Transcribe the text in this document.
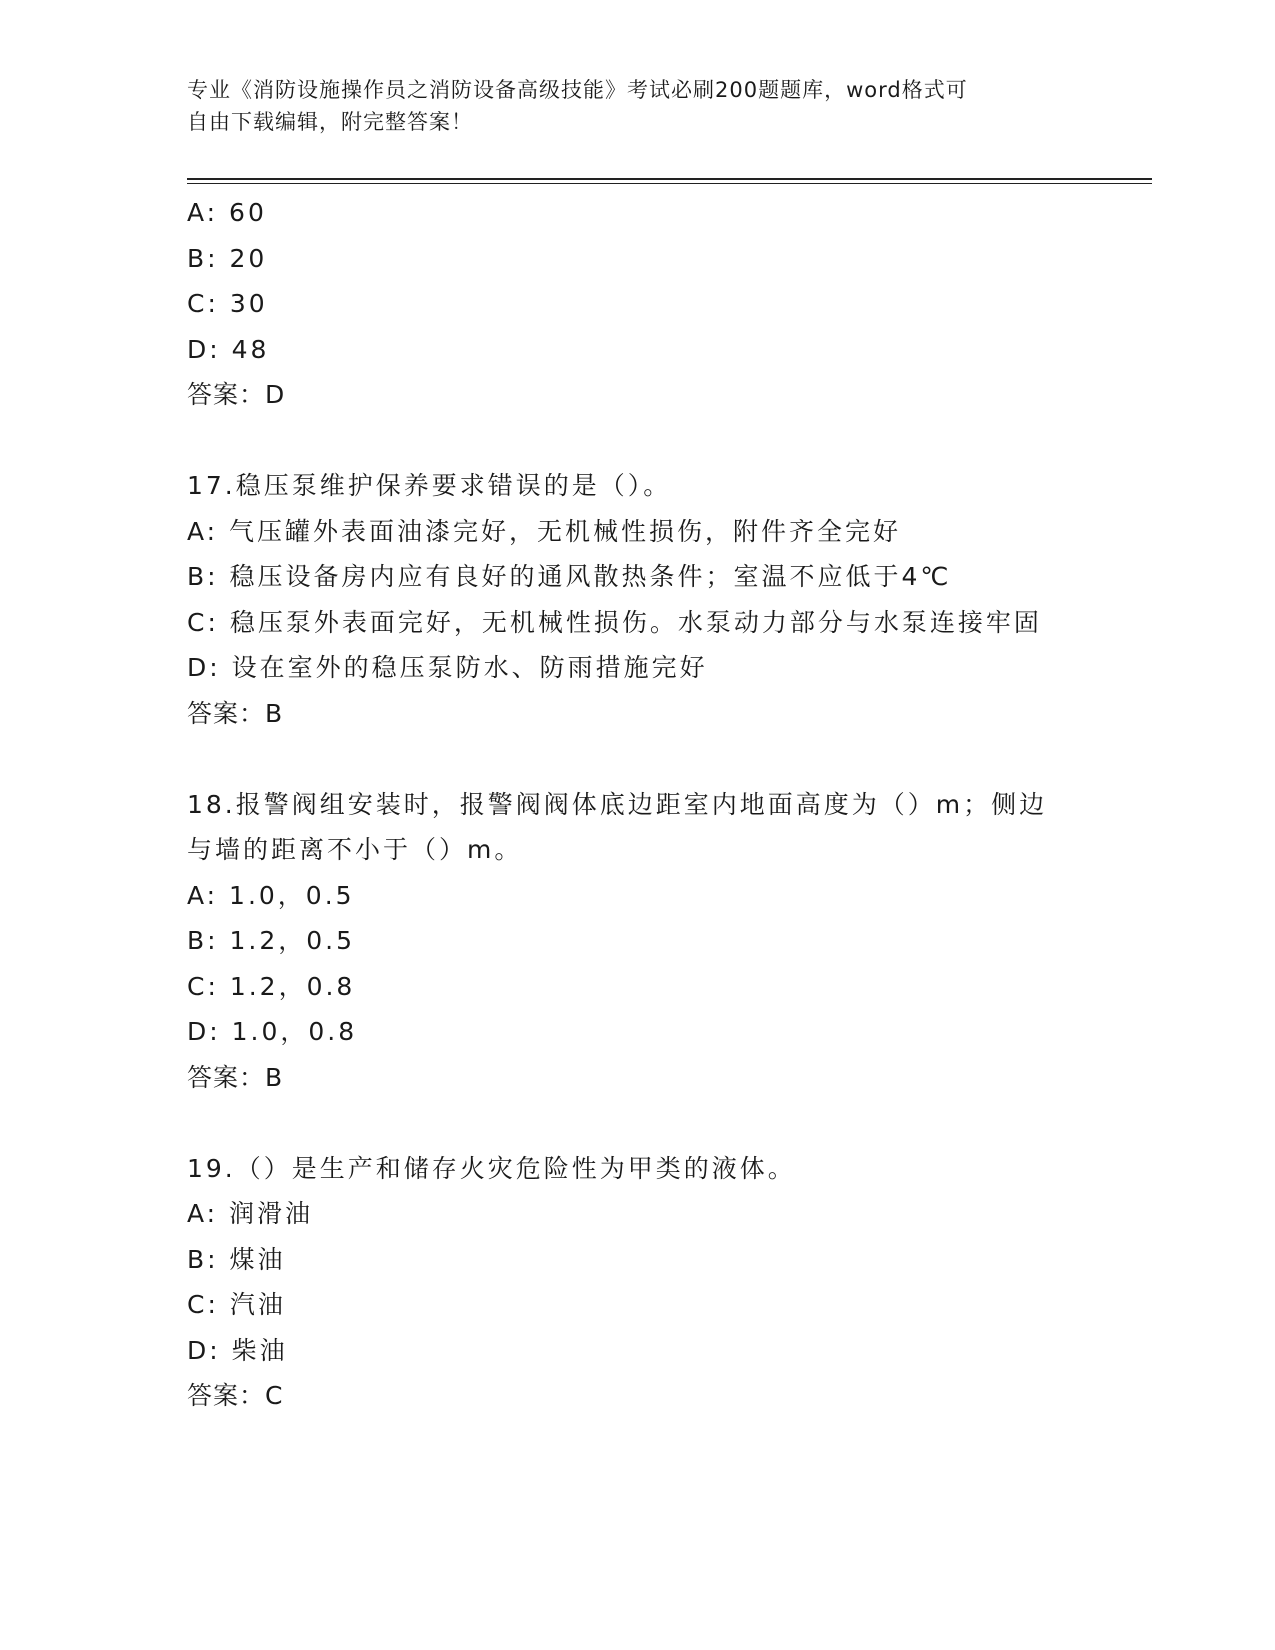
专业《消防设施操作员之消防设备高级技能》考试必刷200题题库，word格式可
自由下载编辑，附完整答案！
A: 60
B: 20
C: 30
D: 48
答案：D
17.稳压泵维护保养要求错误的是（）。
A: 气压罐外表面油漆完好，无机械性损伤，附件齐全完好
B: 稳压设备房内应有良好的通风散热条件；室温不应低于4℃
C: 稳压泵外表面完好，无机械性损伤。水泵动力部分与水泵连接牢固
D: 设在室外的稳压泵防水、防雨措施完好
答案：B
18.报警阀组安装时，报警阀阀体底边距室内地面高度为（）m；侧边
与墙的距离不小于（）m。
A: 1.0，0.5
B: 1.2，0.5
C: 1.2，0.8
D: 1.0，0.8
答案：B
19.（）是生产和储存火灾危险性为甲类的液体。
A: 润滑油
B: 煤油
C: 汽油
D: 柴油
答案：C
